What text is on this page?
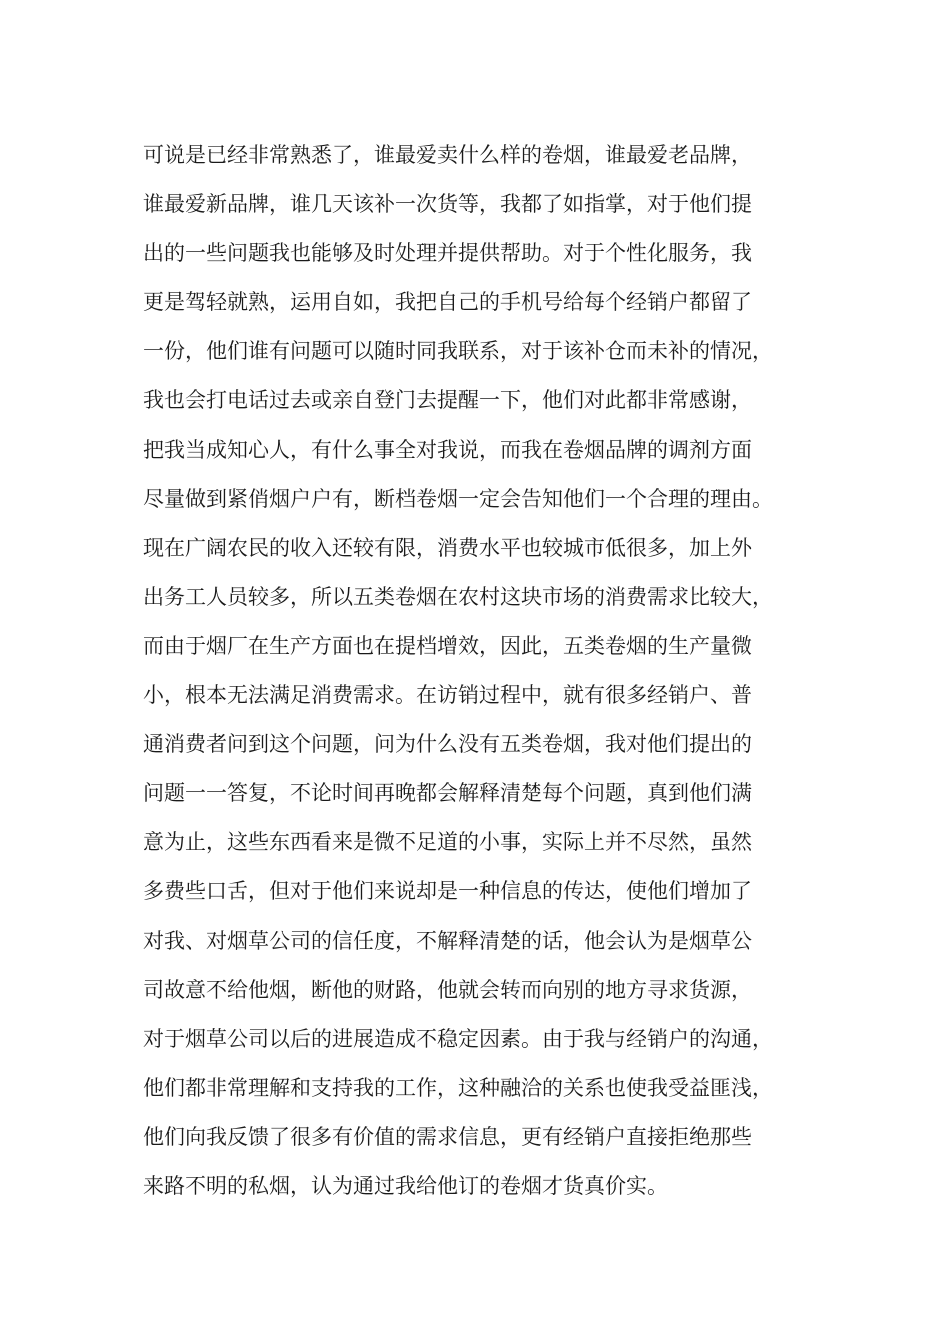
可说是已经非常熟悉了，谁最爱卖什么样的卷烟，谁最爱老品牌，
谁最爱新品牌，谁几天该补一次货等，我都了如指掌，对于他们提
出的一些问题我也能够及时处理并提供帮助。对于个性化服务，我
更是驾轻就熟，运用自如，我把自己的手机号给每个经销户都留了
一份，他们谁有问题可以随时同我联系，对于该补仓而未补的情况，
我也会打电话过去或亲自登门去提醒一下，他们对此都非常感谢，
把我当成知心人，有什么事全对我说，而我在卷烟品牌的调剂方面
尽量做到紧俏烟户户有，断档卷烟一定会告知他们一个合理的理由。
现在广阔农民的收入还较有限，消费水平也较城市低很多，加上外
出务工人员较多，所以五类卷烟在农村这块市场的消费需求比较大，
而由于烟厂在生产方面也在提档增效，因此，五类卷烟的生产量微
小，根本无法满足消费需求。在访销过程中，就有很多经销户、普
通消费者问到这个问题，问为什么没有五类卷烟，我对他们提出的
问题一一答复，不论时间再晚都会解释清楚每个问题，真到他们满
意为止，这些东西看来是微不足道的小事，实际上并不尽然，虽然
多费些口舌，但对于他们来说却是一种信息的传达，使他们增加了
对我、对烟草公司的信任度，不解释清楚的话，他会认为是烟草公
司故意不给他烟，断他的财路，他就会转而向别的地方寻求货源，
对于烟草公司以后的进展造成不稳定因素。由于我与经销户的沟通，
他们都非常理解和支持我的工作，这种融洽的关系也使我受益匪浅，
他们向我反馈了很多有价值的需求信息，更有经销户直接拒绝那些
来路不明的私烟，认为通过我给他订的卷烟才货真价实。
